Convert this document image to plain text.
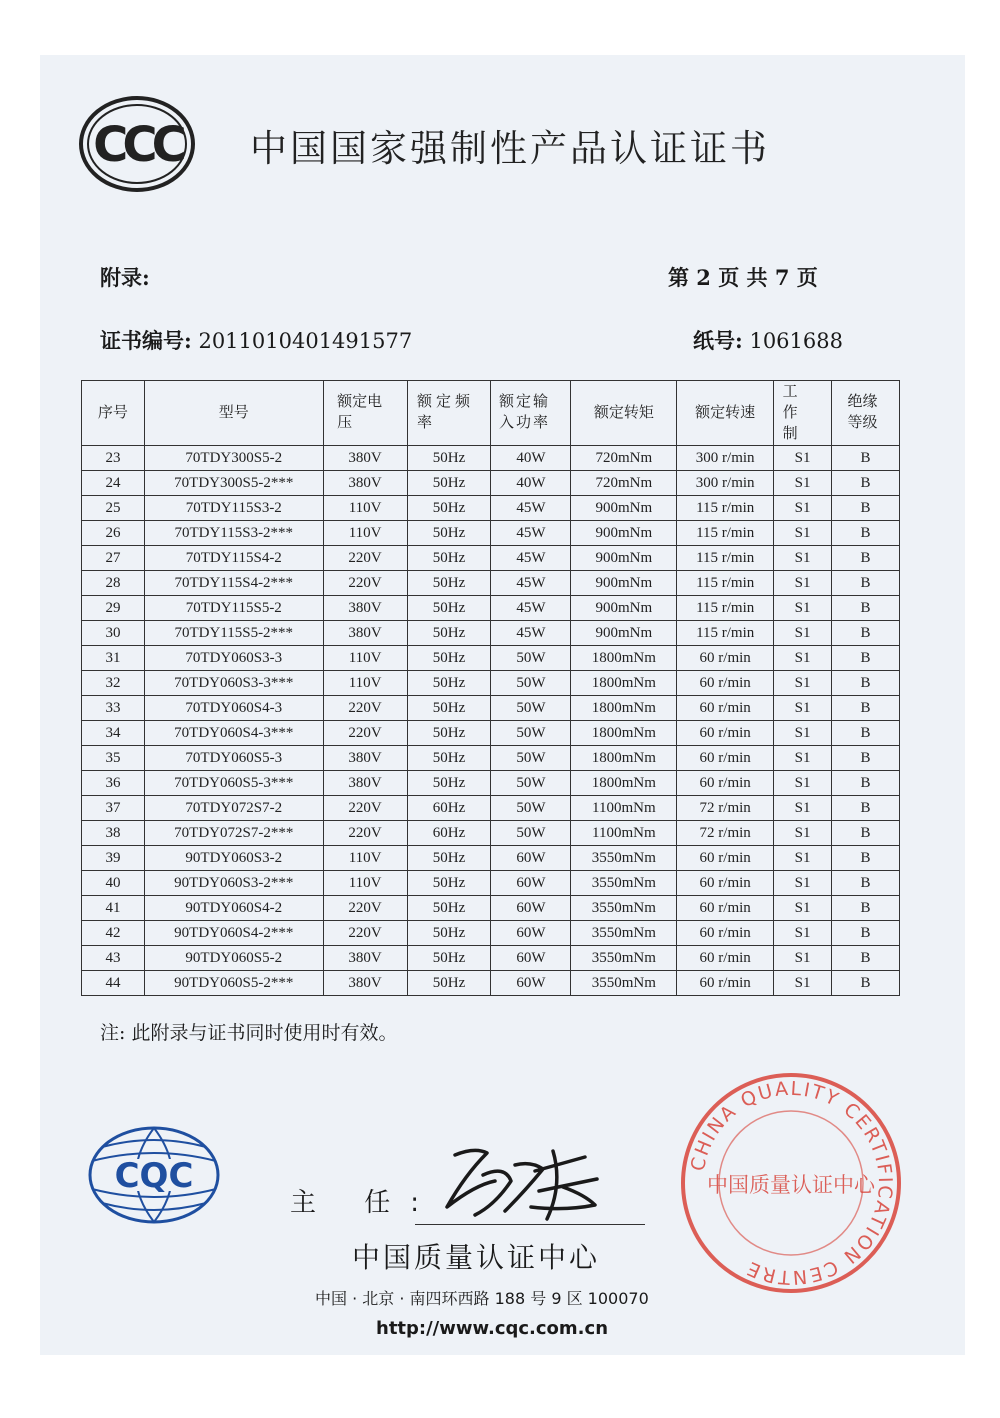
CCC 中国国家强制性产品认证证书
附录:	第 2 页 共 7 页
证书编号: 2011010401491577	纸号: 1061688
序号	型号	额定电压	额定频率	额定输入功率	额定转矩	额定转速	工作制	绝缘等级
23	70TDY300S5-2	380V	50Hz	40W	720mNm	300 r/min	S1	B
24	70TDY300S5-2***	380V	50Hz	40W	720mNm	300 r/min	S1	B
25	70TDY115S3-2	110V	50Hz	45W	900mNm	115 r/min	S1	B
26	70TDY115S3-2***	110V	50Hz	45W	900mNm	115 r/min	S1	B
27	70TDY115S4-2	220V	50Hz	45W	900mNm	115 r/min	S1	B
28	70TDY115S4-2***	220V	50Hz	45W	900mNm	115 r/min	S1	B
29	70TDY115S5-2	380V	50Hz	45W	900mNm	115 r/min	S1	B
30	70TDY115S5-2***	380V	50Hz	45W	900mNm	115 r/min	S1	B
31	70TDY060S3-3	110V	50Hz	50W	1800mNm	60 r/min	S1	B
32	70TDY060S3-3***	110V	50Hz	50W	1800mNm	60 r/min	S1	B
33	70TDY060S4-3	220V	50Hz	50W	1800mNm	60 r/min	S1	B
34	70TDY060S4-3***	220V	50Hz	50W	1800mNm	60 r/min	S1	B
35	70TDY060S5-3	380V	50Hz	50W	1800mNm	60 r/min	S1	B
36	70TDY060S5-3***	380V	50Hz	50W	1800mNm	60 r/min	S1	B
37	70TDY072S7-2	220V	60Hz	50W	1100mNm	72 r/min	S1	B
38	70TDY072S7-2***	220V	60Hz	50W	1100mNm	72 r/min	S1	B
39	90TDY060S3-2	110V	50Hz	60W	3550mNm	60 r/min	S1	B
40	90TDY060S3-2***	110V	50Hz	60W	3550mNm	60 r/min	S1	B
41	90TDY060S4-2	220V	50Hz	60W	3550mNm	60 r/min	S1	B
42	90TDY060S4-2***	220V	50Hz	60W	3550mNm	60 r/min	S1	B
43	90TDY060S5-2	380V	50Hz	60W	3550mNm	60 r/min	S1	B
44	90TDY060S5-2***	380V	50Hz	60W	3550mNm	60 r/min	S1	B
注: 此附录与证书同时使用时有效。
CQC
主 任:
中国质量认证中心
中国 · 北京 · 南四环西路 188 号 9 区 100070
http://www.cqc.com.cn
CHINA QUALITY CERTIFICATION CENTRE
中国质量认证中心
